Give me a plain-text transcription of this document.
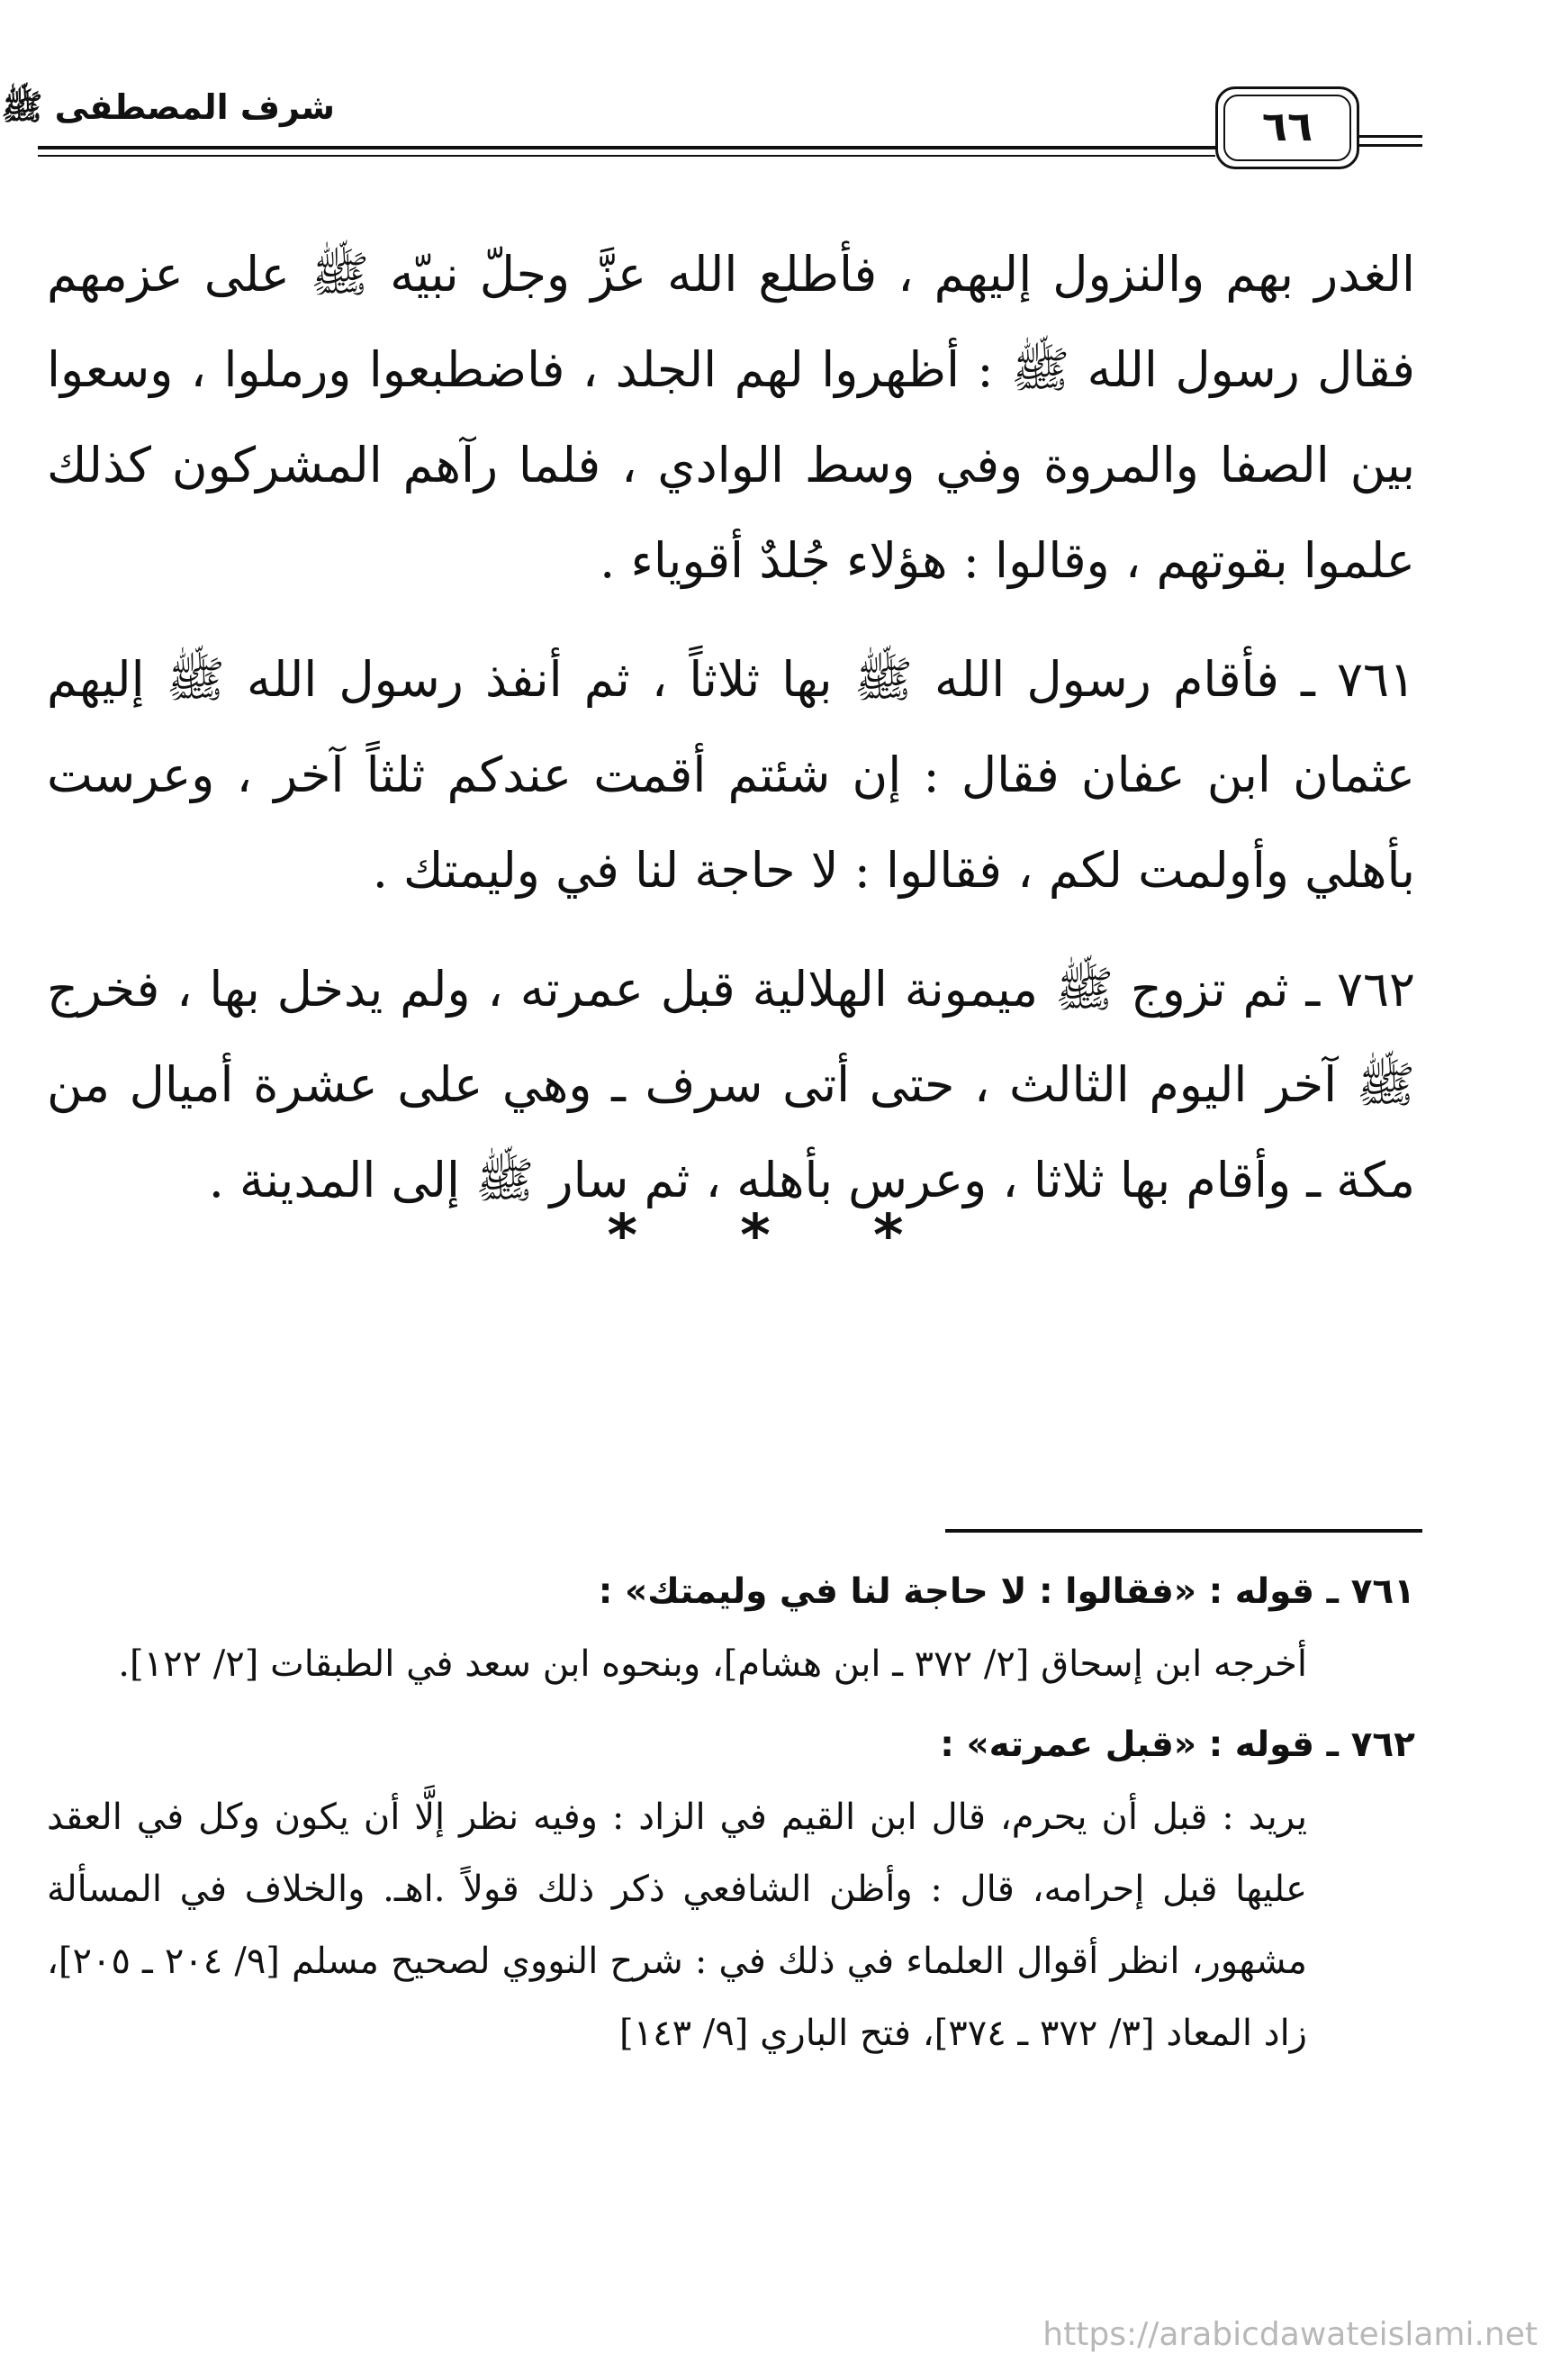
شرف المصطفى ﷺ	٦٦

الغدر بهم والنزول إليهم ، فأطلع الله عزَّ وجلّ نبيّه ﷺ على عزمهم فقال رسول الله ﷺ : أظهروا لهم الجلد ، فاضطبعوا ورملوا ، وسعوا بين الصفا والمروة وفي وسط الوادي ، فلما رآهم المشركون كذلك علموا بقوتهم ، وقالوا : هؤلاء جُلدٌ أقوياء .

٧٦١ ـ فأقام رسول الله ﷺ بها ثلاثاً ، ثم أنفذ رسول الله ﷺ إليهم عثمان ابن عفان فقال : إن شئتم أقمت عندكم ثلثاً آخر ، وعرست بأهلي وأولمت لكم ، فقالوا : لا حاجة لنا في وليمتك .

٧٦٢ ـ ثم تزوج ﷺ ميمونة الهلالية قبل عمرته ، ولم يدخل بها ، فخرج ﷺ آخر اليوم الثالث ، حتى أتى سرف ـ وهي على عشرة أميال من مكة ـ وأقام بها ثلاثا ، وعرس بأهله ، ثم سار ﷺ إلى المدينة .

* * *
٧٦١ ـ قوله : «فقالوا : لا حاجة لنا في وليمتك» :
أخرجه ابن إسحاق [٢/ ٣٧٢ ـ ابن هشام]، وبنحوه ابن سعد في الطبقات [٢/ ١٢٢].
٧٦٢ ـ قوله : «قبل عمرته» :
يريد : قبل أن يحرم، قال ابن القيم في الزاد : وفيه نظر إلَّا أن يكون وكل في العقد عليها قبل إحرامه، قال : وأظن الشافعي ذكر ذلك قولاً .اهـ. والخلاف في المسألة مشهور، انظر أقوال العلماء في ذلك في : شرح النووي لصحيح مسلم [٩/ ٢٠٤ ـ ٢٠٥]، زاد المعاد [٣/ ٣٧٢ ـ ٣٧٤]، فتح الباري [٩/ ١٤٣]
https://arabicdawateislami.net
